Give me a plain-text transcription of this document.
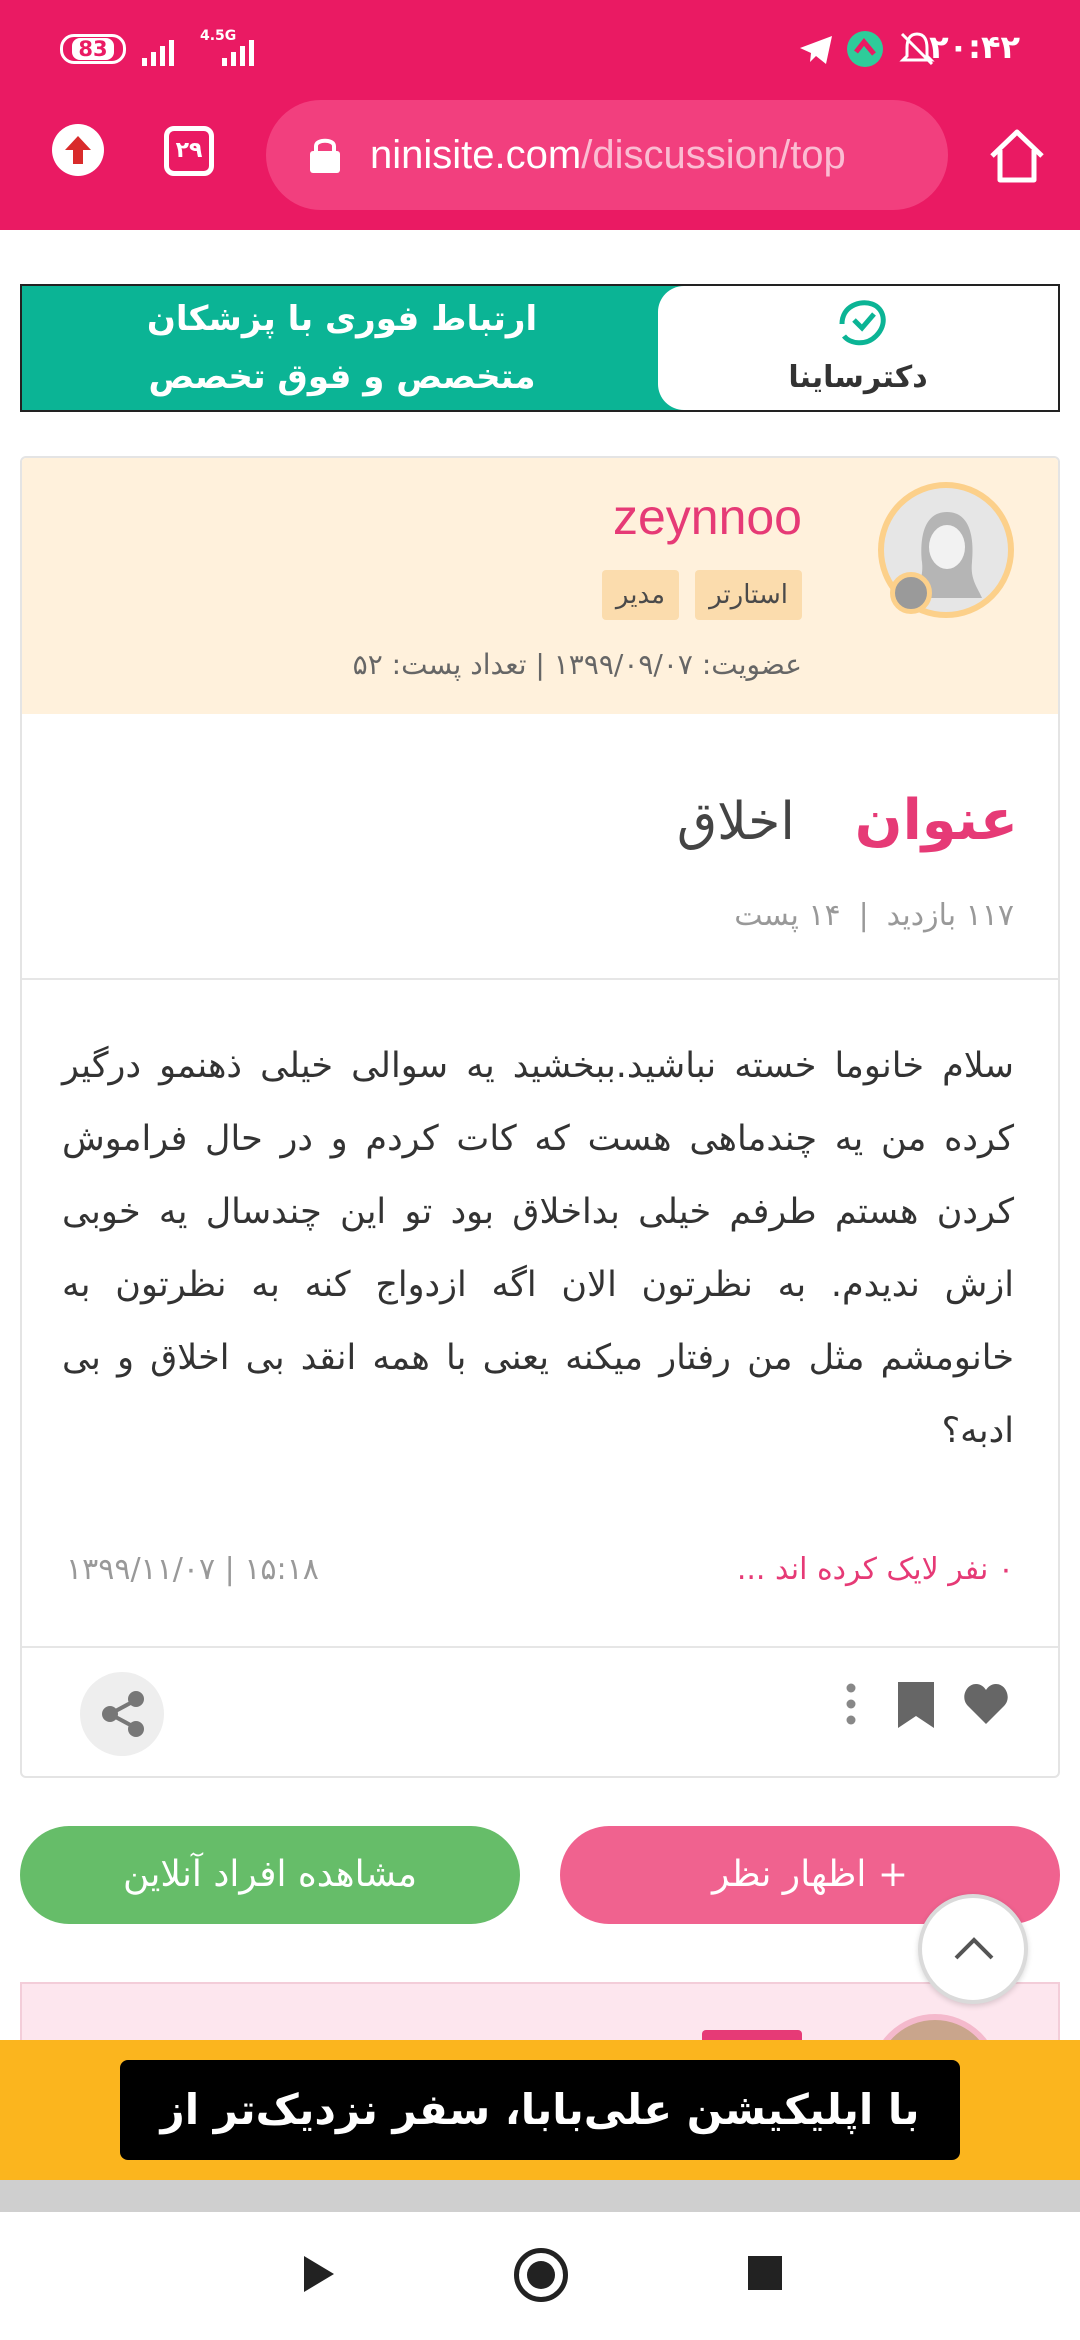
83
4.5G	۲۰:۴۲
۲۹	ninisite.com/discussion/top
ارتباط فوری با پزشکان
متخصص و فوق تخصص	دکترساینا
zeynnoo
استارتر
مدیر
عضویت: ۱۳۹۹/۰۹/۰۷ | تعداد پست: ۵۲
عنوان
اخلاق
۱۱۷ بازدید|۱۴ پست
سلام خانوما خسته نباشید.ببخشید یه سوالی خیلی ذهنمو درگیر کرده من یه چندماهی هست که کات کردم و در حال فراموش کردن هستم طرفم خیلی بداخلاق بود تو این چندسال یه خوبی ازش ندیدم. به نظرتون الان اگه ازدواج کنه به نظرتون به خانومشم مثل من رفتار میکنه یعنی با همه انقد بی اخلاق و بی ادبه؟
۰ نفر لایک کرده اند ...
۱۵:۱۸ | ۱۳۹۹/۱۱/۰۷
+ اظهار نظر
مشاهده افراد آنلاین
با اپلیکیشن علی‌بابا، سفر نزدیک‌تر از
